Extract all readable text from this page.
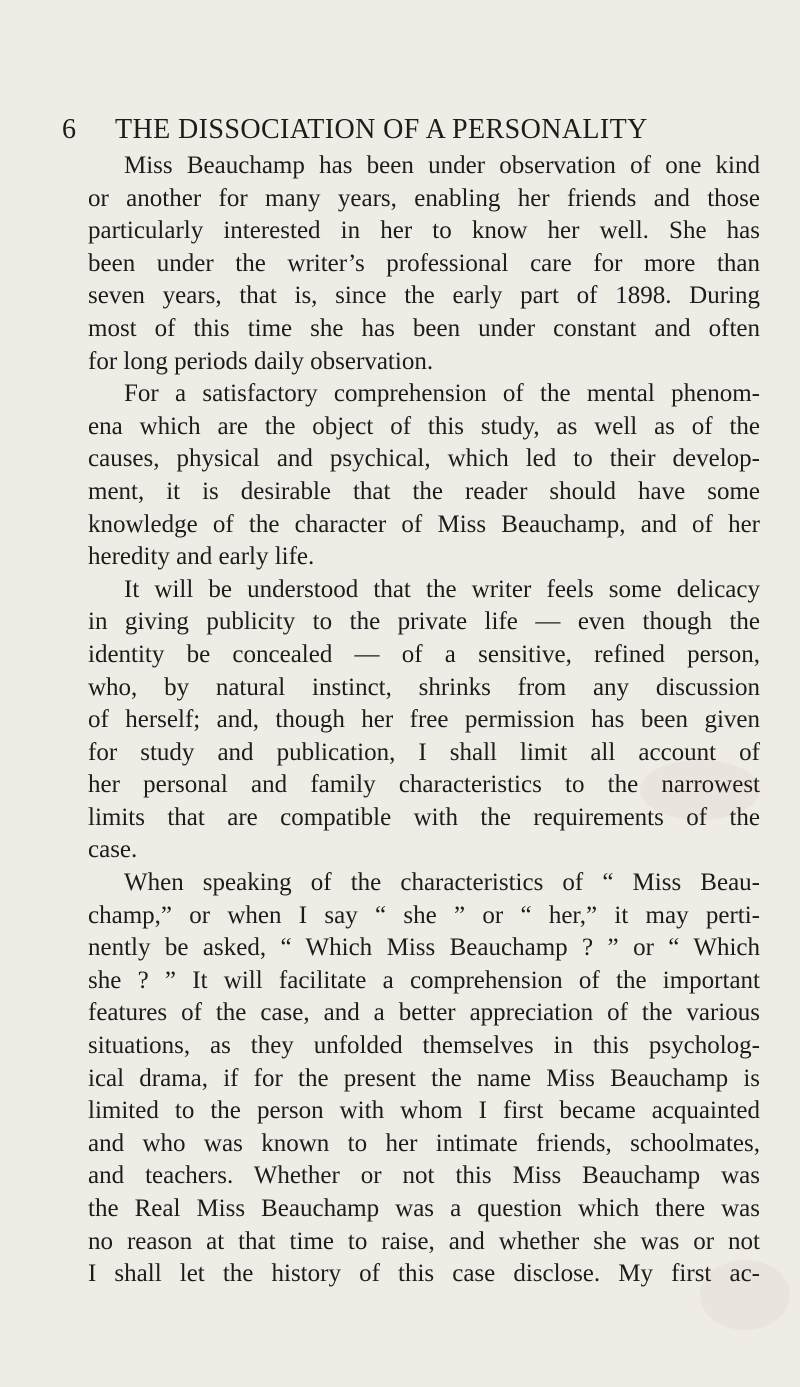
6 THE DISSOCIATION OF A PERSONALITY
Miss Beauchamp has been under observation of one kind
or another for many years, enabling her friends and those
particularly interested in her to know her well. She has
been under the writer’s professional care for more than
seven years, that is, since the early part of 1898. During
most of this time she has been under constant and often
for long periods daily observation.
For a satisfactory comprehension of the mental phenom-
ena which are the object of this study, as well as of the
causes, physical and psychical, which led to their develop-
ment, it is desirable that the reader should have some
knowledge of the character of Miss Beauchamp, and of her
heredity and early life.
It will be understood that the writer feels some delicacy
in giving publicity to the private life — even though the
identity be concealed — of a sensitive, refined person,
who, by natural instinct, shrinks from any discussion
of herself; and, though her free permission has been given
for study and publication, I shall limit all account of
her personal and family characteristics to the narrowest
limits that are compatible with the requirements of the
case.
When speaking of the characteristics of “ Miss Beau-
champ,” or when I say “ she ” or “ her,” it may perti-
nently be asked, “ Which Miss Beauchamp ? ” or “ Which
she ? ” It will facilitate a comprehension of the important
features of the case, and a better appreciation of the various
situations, as they unfolded themselves in this psycholog-
ical drama, if for the present the name Miss Beauchamp is
limited to the person with whom I first became acquainted
and who was known to her intimate friends, schoolmates,
and teachers. Whether or not this Miss Beauchamp was
the Real Miss Beauchamp was a question which there was
no reason at that time to raise, and whether she was or not
I shall let the history of this case disclose. My first ac-
